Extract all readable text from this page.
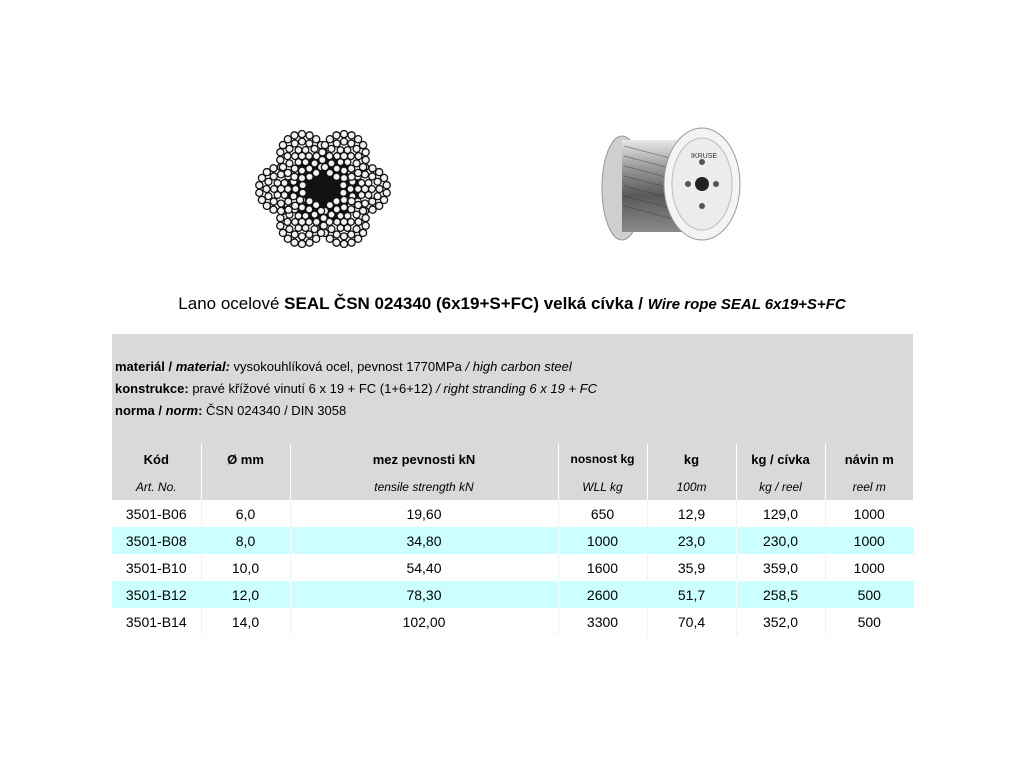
IKRUSE
Lano ocelové SEAL ČSN 024340 (6x19+S+FC) velká cívka / Wire rope SEAL 6x19+S+FC
materiál / material: vysokouhlíková ocel, pevnost 1770MPa / high carbon steel
konstrukce: pravé křížové vinutí 6 x 19 + FC (1+6+12) / right stranding 6 x 19 + FC
norma / norm: ČSN 024340 / DIN 3058
Kód	Ø mm	mez pevnosti kN	nosnost kg	kg	kg / cívka	návin m
Art. No.		tensile strength kN	WLL kg	100m	kg / reel	reel m
3501-B06	6,0	19,60	650	12,9	129,0	1000
3501-B08	8,0	34,80	1000	23,0	230,0	1000
3501-B10	10,0	54,40	1600	35,9	359,0	1000
3501-B12	12,0	78,30	2600	51,7	258,5	500
3501-B14	14,0	102,00	3300	70,4	352,0	500
